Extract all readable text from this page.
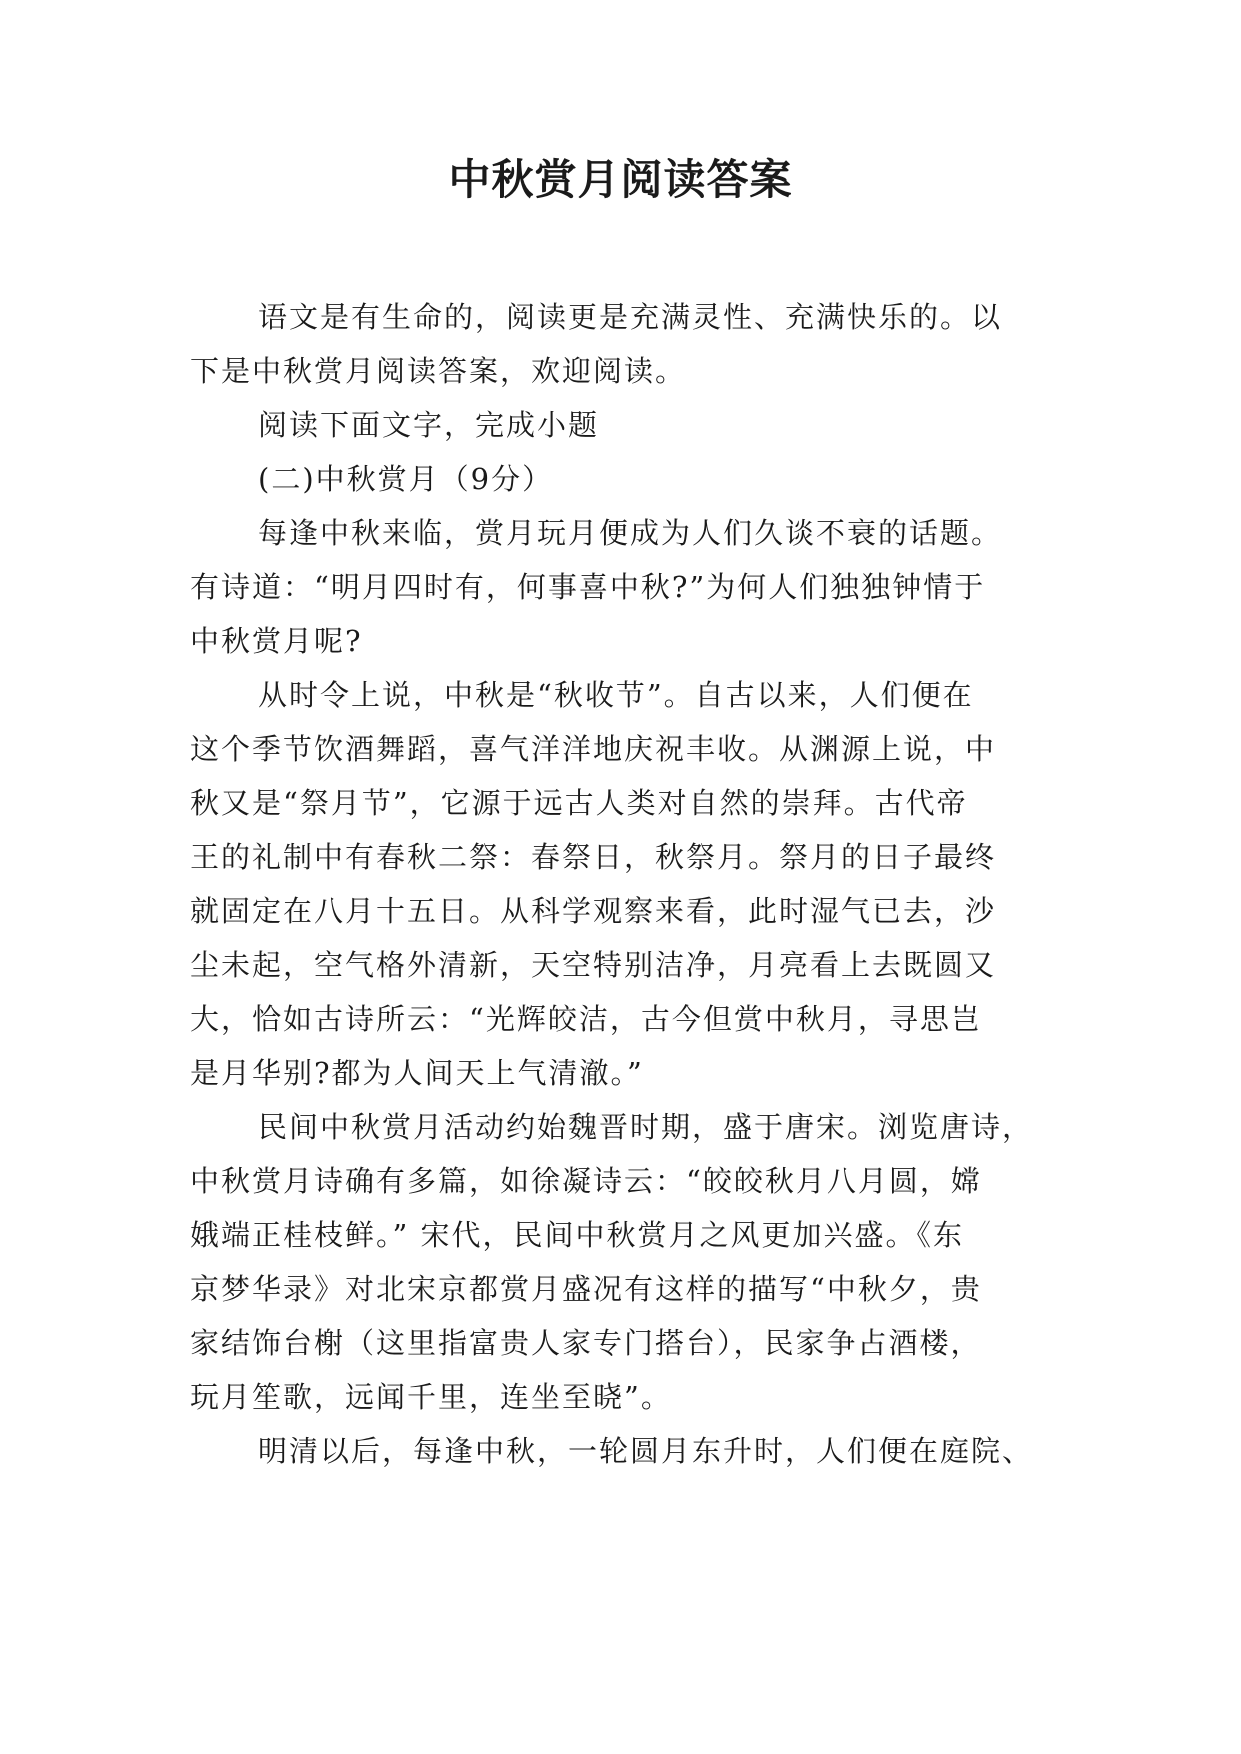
中秋赏月阅读答案
语文是有生命的，阅读更是充满灵性、充满快乐的。以
下是中秋赏月阅读答案，欢迎阅读。
阅读下面文字，完成小题
(二)中秋赏月（9分）
每逢中秋来临，赏月玩月便成为人们久谈不衰的话题。
有诗道：“明月四时有，何事喜中秋?”为何人们独独钟情于
中秋赏月呢?
从时令上说，中秋是“秋收节”。自古以来，人们便在
这个季节饮酒舞蹈，喜气洋洋地庆祝丰收。从渊源上说，中
秋又是“祭月节”，它源于远古人类对自然的崇拜。古代帝
王的礼制中有春秋二祭：春祭日，秋祭月。祭月的日子最终
就固定在八月十五日。从科学观察来看，此时湿气已去，沙
尘未起，空气格外清新，天空特别洁净，月亮看上去既圆又
大，恰如古诗所云：“光辉皎洁，古今但赏中秋月，寻思岂
是月华别?都为人间天上气清澈。”
民间中秋赏月活动约始魏晋时期，盛于唐宋。浏览唐诗，
中秋赏月诗确有多篇，如徐凝诗云：“皎皎秋月八月圆，嫦
娥端正桂枝鲜。” 宋代，民间中秋赏月之风更加兴盛。《东
京梦华录》对北宋京都赏月盛况有这样的描写“中秋夕，贵
家结饰台榭（这里指富贵人家专门搭台），民家争占酒楼，
玩月笙歌，远闻千里，连坐至晓”。
明清以后，每逢中秋，一轮圆月东升时，人们便在庭院、
